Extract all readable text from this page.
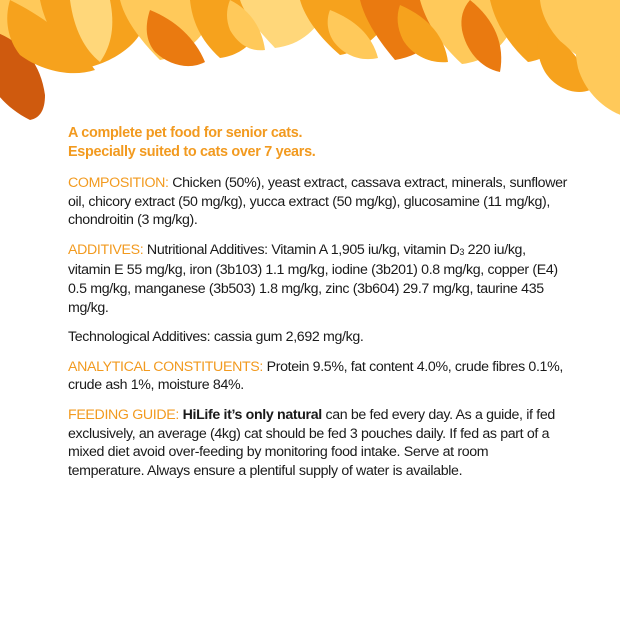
A complete pet food for senior cats.
Especially suited to cats over 7 years.

COMPOSITION: Chicken (50%), yeast extract, cassava extract, minerals, sunflower oil, chicory extract (50 mg/kg), yucca extract (50 mg/kg), glucosamine (11 mg/kg), chondroitin (3 mg/kg).

ADDITIVES: Nutritional Additives: Vitamin A 1,905 iu/kg, vitamin D3 220 iu/kg, vitamin E 55 mg/kg, iron (3b103) 1.1 mg/kg, iodine (3b201) 0.8 mg/kg, copper (E4) 0.5 mg/kg, manganese (3b503) 1.8 mg/kg, zinc (3b604) 29.7 mg/kg, taurine 435 mg/kg.

Technological Additives: cassia gum 2,692 mg/kg.

ANALYTICAL CONSTITUENTS: Protein 9.5%, fat content 4.0%, crude fibres 0.1%, crude ash 1%, moisture 84%.

FEEDING GUIDE: HiLife it’s only natural can be fed every day. As a guide, if fed exclusively, an average (4kg) cat should be fed 3 pouches daily. If fed as part of a mixed diet avoid over-feeding by monitoring food intake. Serve at room temperature. Always ensure a plentiful supply of water is available.
